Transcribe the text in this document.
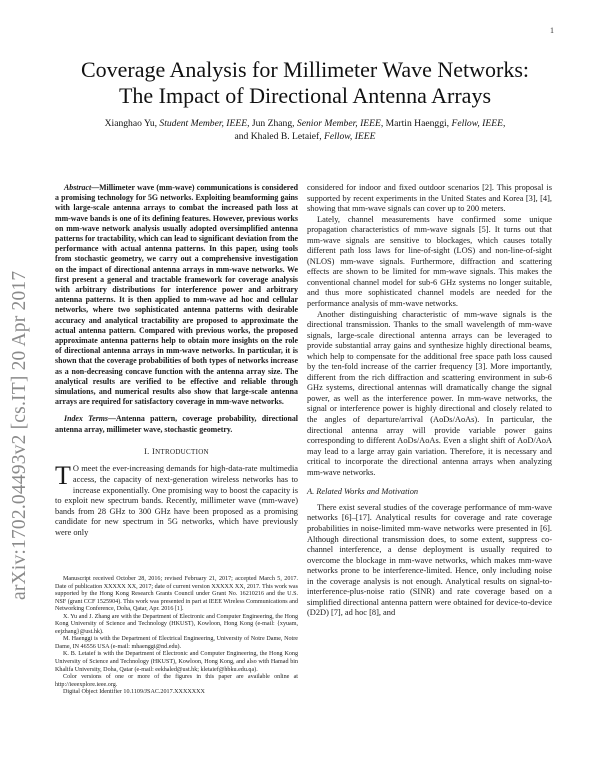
1
arXiv:1702.04493v2 [cs.IT] 20 Apr 2017
Coverage Analysis for Millimeter Wave Networks:
The Impact of Directional Antenna Arrays
Xianghao Yu, Student Member, IEEE, Jun Zhang, Senior Member, IEEE, Martin Haenggi, Fellow, IEEE,
and Khaled B. Letaief, Fellow, IEEE

Abstract—Millimeter wave (mm-wave) communications is considered a promising technology for 5G networks. Exploiting beamforming gains with large-scale antenna arrays to combat the increased path loss at mm-wave bands is one of its defining features. However, previous works on mm-wave network analysis usually adopted oversimplified antenna patterns for tractability, which can lead to significant deviation from the performance with actual antenna patterns. In this paper, using tools from stochastic geometry, we carry out a comprehensive investigation on the impact of directional antenna arrays in mm-wave networks. We first present a general and tractable framework for coverage analysis with arbitrary distributions for interference power and arbitrary antenna patterns. It is then applied to mm-wave ad hoc and cellular networks, where two sophisticated antenna patterns with desirable accuracy and analytical tractability are proposed to approximate the actual antenna pattern. Compared with previous works, the proposed approximate antenna patterns help to obtain more insights on the role of directional antenna arrays in mm-wave networks. In particular, it is shown that the coverage probabilities of both types of networks increase as a non-decreasing concave function with the antenna array size. The analytical results are verified to be effective and reliable through simulations, and numerical results also show that large-scale antenna arrays are required for satisfactory coverage in mm-wave networks.

Index Terms—Antenna pattern, coverage probability, directional antenna array, millimeter wave, stochastic geometry.

I. INTRODUCTION

T O meet the ever-increasing demands for high-data-rate multimedia access, the capacity of next-generation wireless networks has to increase exponentially. One promising way to boost the capacity is to exploit new spectrum bands. Recently, millimeter wave (mm-wave) bands from 28 GHz to 300 GHz have been proposed as a promising candidate for new spectrum in 5G networks, which have previously were only

Manuscript received October 28, 2016; revised February 21, 2017; accepted March 5, 2017. Date of publication XXXXX XX, 2017; date of current version XXXXX XX, 2017. This work was supported by the Hong Kong Research Grants Council under Grant No. 16210216 and the U.S. NSF (grant CCF 1525904). This work was presented in part at IEEE Wireless Communications and Networking Conference, Doha, Qatar, Apr. 2016 [1].

X. Yu and J. Zhang are with the Department of Electronic and Computer Engineering, the Hong Kong University of Science and Technology (HKUST), Kowloon, Hong Kong (e-mail: {xyuam, eejzhang}@ust.hk).

M. Haenggi is with the Department of Electrical Engineering, University of Notre Dame, Notre Dame, IN 46556 USA (e-mail: mhaenggi@nd.edu).

K. B. Letaief is with the Department of Electronic and Computer Engineering, the Hong Kong University of Science and Technology (HKUST), Kowloon, Hong Kong, and also with Hamad bin Khalifa University, Doha, Qatar (e-mail: eekhaled@ust.hk; kletaief@hbku.edu.qa).

Color versions of one or more of the figures in this paper are available online at http://ieeexplore.ieee.org.

Digital Object Identifier 10.1109/JSAC.2017.XXXXXXX

considered for indoor and fixed outdoor scenarios [2]. This proposal is supported by recent experiments in the United States and Korea [3], [4], showing that mm-wave signals can cover up to 200 meters.

Lately, channel measurements have confirmed some unique propagation characteristics of mm-wave signals [5]. It turns out that mm-wave signals are sensitive to blockages, which causes totally different path loss laws for line-of-sight (LOS) and non-line-of-sight (NLOS) mm-wave signals. Furthermore, diffraction and scattering effects are shown to be limited for mm-wave signals. This makes the conventional channel model for sub-6 GHz systems no longer suitable, and thus more sophisticated channel models are needed for the performance analysis of mm-wave networks.

Another distinguishing characteristic of mm-wave signals is the directional transmission. Thanks to the small wavelength of mm-wave signals, large-scale directional antenna arrays can be leveraged to provide substantial array gains and synthesize highly directional beams, which help to compensate for the additional free space path loss caused by the ten-fold increase of the carrier frequency [3]. More importantly, different from the rich diffraction and scattering environment in sub-6 GHz systems, directional antennas will dramatically change the signal power, as well as the interference power. In mm-wave networks, the signal or interference power is highly directional and closely related to the angles of departure/arrival (AoDs/AoAs). In particular, the directional antenna array will provide variable power gains corresponding to different AoDs/AoAs. Even a slight shift of AoD/AoA may lead to a large array gain variation. Therefore, it is necessary and critical to incorporate the directional antenna arrays when analyzing mm-wave networks.

A. Related Works and Motivation

There exist several studies of the coverage performance of mm-wave networks [6]–[17]. Analytical results for coverage and rate coverage probabilities in noise-limited mm-wave networks were presented in [6]. Although directional transmission does, to some extent, suppress co-channel interference, a dense deployment is usually required to overcome the blockage in mm-wave networks, which makes mm-wave networks prone to be interference-limited. Hence, only including noise in the coverage analysis is not enough. Analytical results on signal-to-interference-plus-noise ratio (SINR) and rate coverage based on a simplified directional antenna pattern were obtained for device-to-device (D2D) [7], ad hoc [8], and
